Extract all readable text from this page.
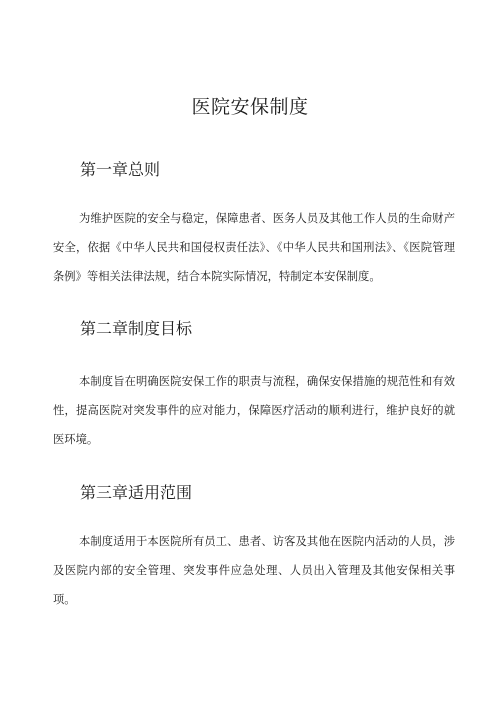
医院安保制度
第一章总则

为维护医院的安全与稳定，保障患者、医务人员及其他工作人员的生命财产安全，依据《中华人民共和国侵权责任法》、《中华人民共和国刑法》、《医院管理条例》等相关法律法规，结合本院实际情况，特制定本安保制度。

第二章制度目标

本制度旨在明确医院安保工作的职责与流程，确保安保措施的规范性和有效性，提高医院对突发事件的应对能力，保障医疗活动的顺利进行，维护良好的就医环境。

第三章适用范围

本制度适用于本医院所有员工、患者、访客及其他在医院内活动的人员，涉及医院内部的安全管理、突发事件应急处理、人员出入管理及其他安保相关事项。
